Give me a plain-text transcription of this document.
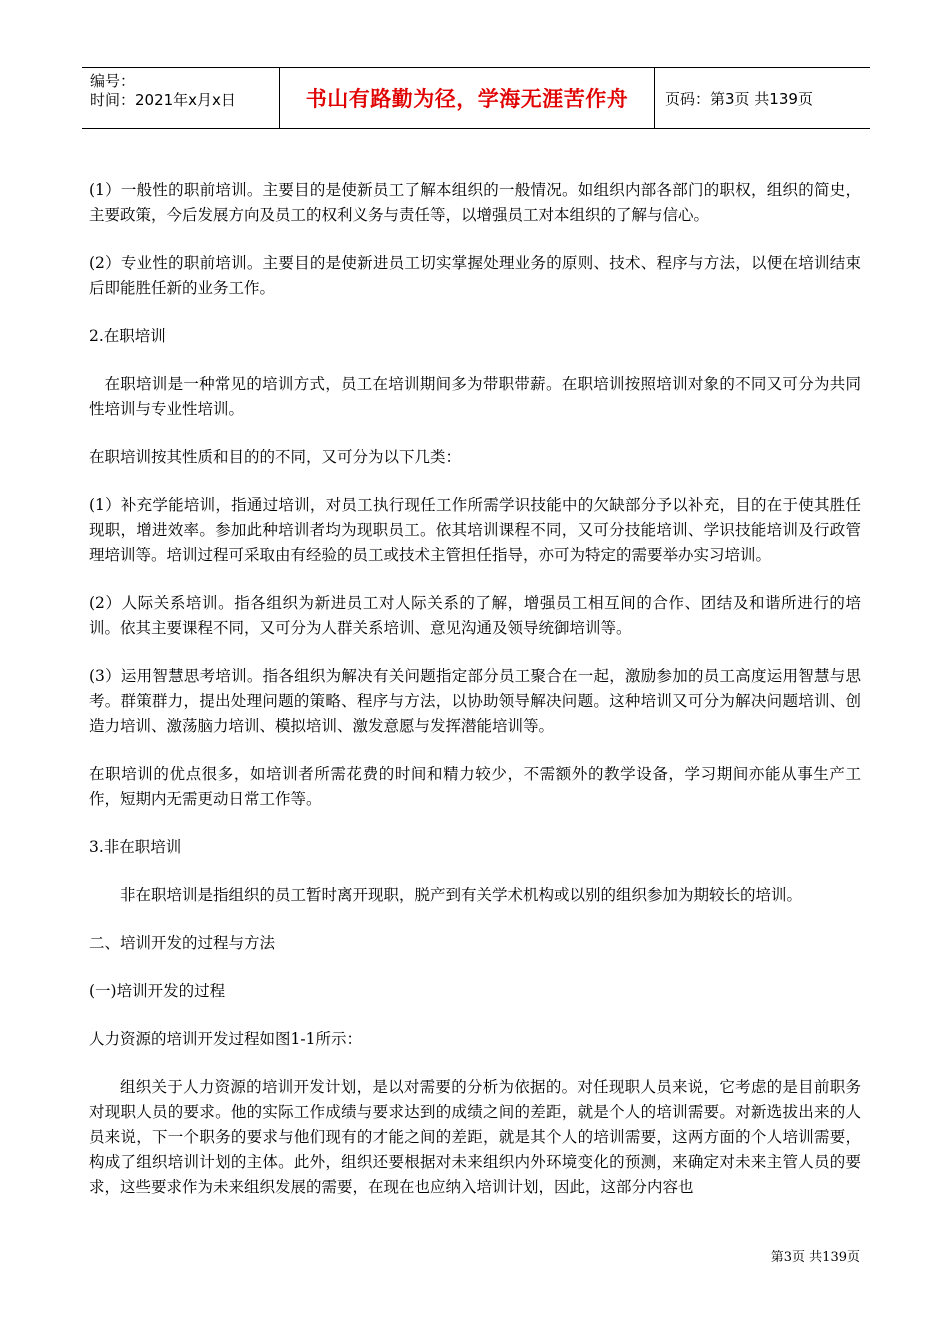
编号：
时间：2021年x月x日	书山有路勤为径，学海无涯苦作舟	页码：第3页 共139页

(1）一般性的职前培训。主要目的是使新员工了解本组织的一般情况。如组织内部各部门的职权，组织的简史，主要政策，今后发展方向及员工的权利义务与责任等，以增强员工对本组织的了解与信心。

(2）专业性的职前培训。主要目的是使新进员工切实掌握处理业务的原则、技术、程序与方法，以便在培训结束后即能胜任新的业务工作。

2.在职培训

在职培训是一种常见的培训方式，员工在培训期间多为带职带薪。在职培训按照培训对象的不同又可分为共同性培训与专业性培训。

在职培训按其性质和目的的不同，又可分为以下几类：

(1）补充学能培训，指通过培训，对员工执行现任工作所需学识技能中的欠缺部分予以补充，目的在于使其胜任现职，增进效率。参加此种培训者均为现职员工。依其培训课程不同，又可分技能培训、学识技能培训及行政管理培训等。培训过程可采取由有经验的员工或技术主管担任指导，亦可为特定的需要举办实习培训。

(2）人际关系培训。指各组织为新进员工对人际关系的了解，增强员工相互间的合作、团结及和谐所进行的培训。依其主要课程不同，又可分为人群关系培训、意见沟通及领导统御培训等。

(3）运用智慧思考培训。指各组织为解决有关问题指定部分员工聚合在一起，激励参加的员工高度运用智慧与思考。群策群力，提出处理问题的策略、程序与方法，以协助领导解决问题。这种培训又可分为解决问题培训、创造力培训、激荡脑力培训、模拟培训、激发意愿与发挥潜能培训等。

在职培训的优点很多，如培训者所需花费的时间和精力较少，不需额外的教学设备，学习期间亦能从事生产工作，短期内无需更动日常工作等。

3.非在职培训

非在职培训是指组织的员工暂时离开现职，脱产到有关学术机构或以别的组织参加为期较长的培训。

二、培训开发的过程与方法

(一)培训开发的过程

人力资源的培训开发过程如图1-1所示：

组织关于人力资源的培训开发计划，是以对需要的分析为依据的。对任现职人员来说，它考虑的是目前职务对现职人员的要求。他的实际工作成绩与要求达到的成绩之间的差距，就是个人的培训需要。对新选拔出来的人员来说，下一个职务的要求与他们现有的才能之间的差距，就是其个人的培训需要，这两方面的个人培训需要，构成了组织培训计划的主体。此外，组织还要根据对未来组织内外环境变化的预测，来确定对未来主管人员的要求，这些要求作为未来组织发展的需要，在现在也应纳入培训计划，因此，这部分内容也

第3页 共139页
